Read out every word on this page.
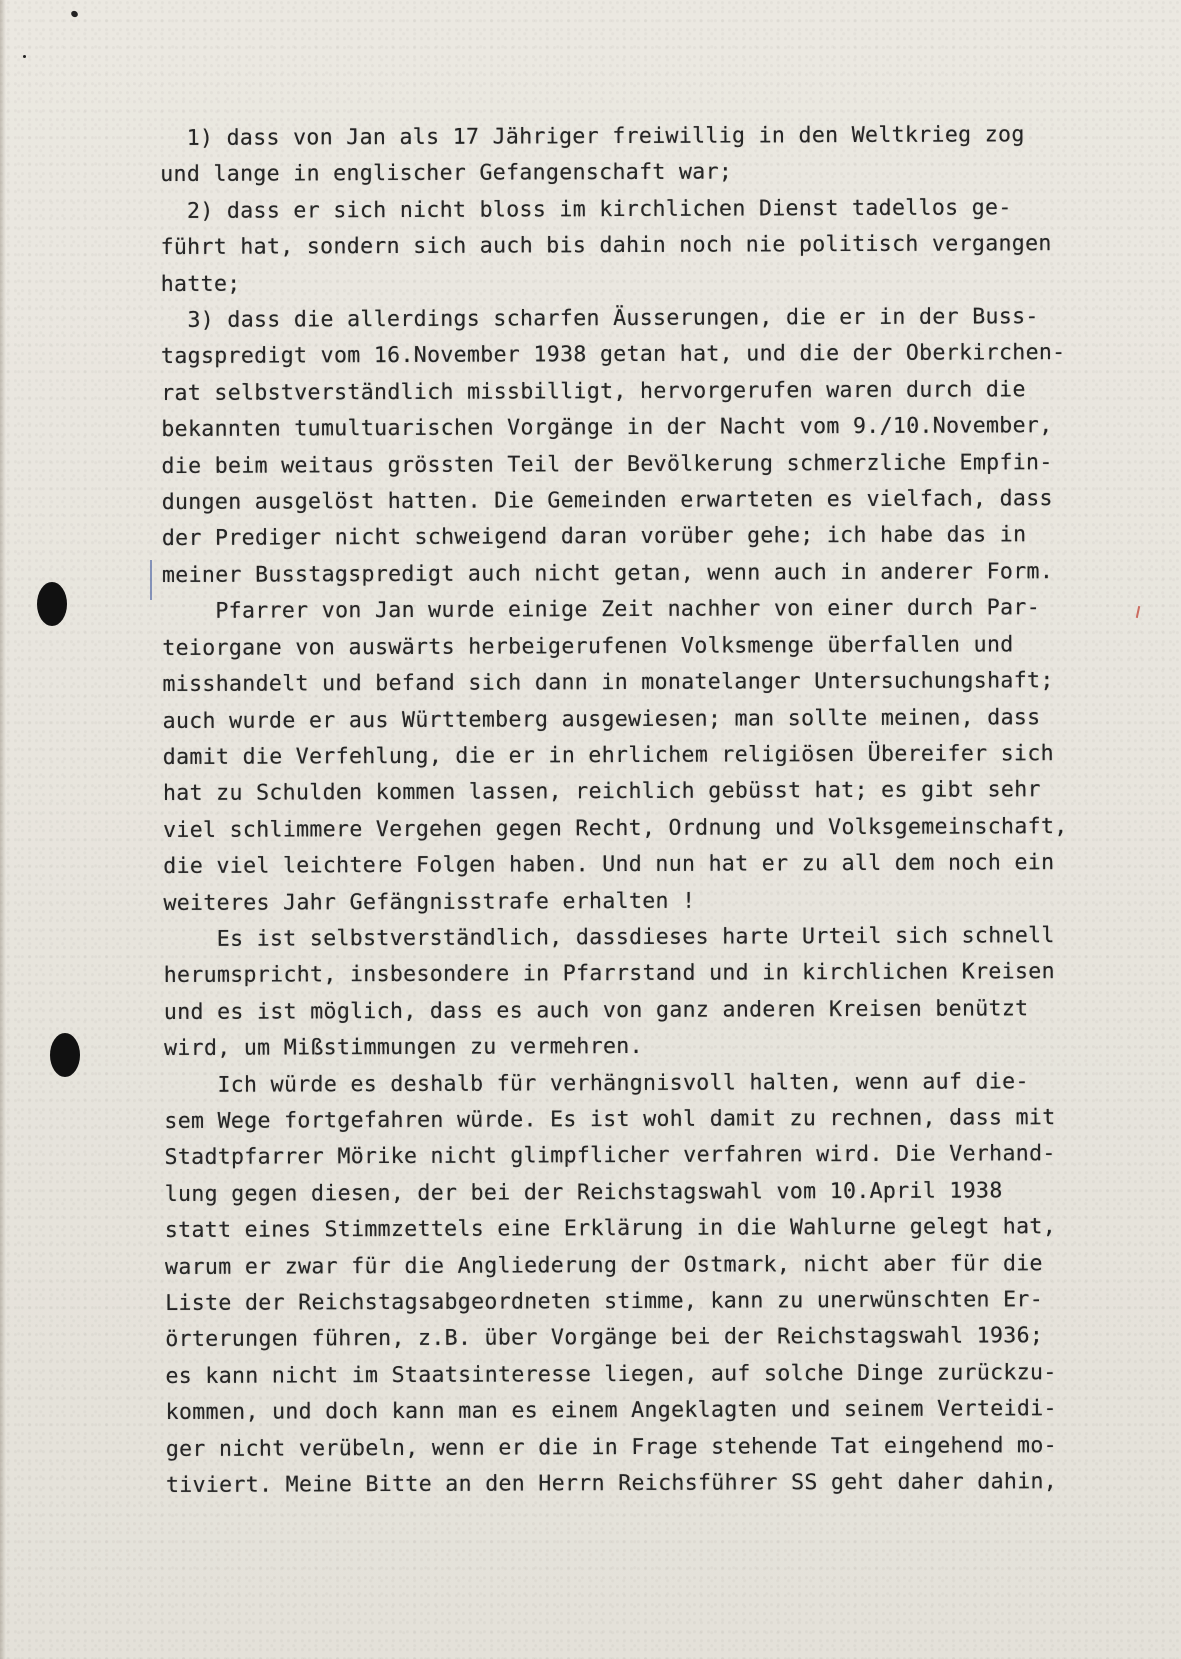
1) dass von Jan als 17 Jähriger freiwillig in den Weltkrieg zog
und lange in englischer Gefangenschaft war;
2) dass er sich nicht bloss im kirchlichen Dienst tadellos ge-
führt hat, sondern sich auch bis dahin noch nie politisch vergangen
hatte;
3) dass die allerdings scharfen Äusserungen, die er in der Buss-
tagspredigt vom 16.November 1938 getan hat, und die der Oberkirchen-
rat selbstverständlich missbilligt, hervorgerufen waren durch die
bekannten tumultuarischen Vorgänge in der Nacht vom 9./10.November,
die beim weitaus grössten Teil der Bevölkerung schmerzliche Empfin-
dungen ausgelöst hatten. Die Gemeinden erwarteten es vielfach, dass
der Prediger nicht schweigend daran vorüber gehe; ich habe das in
meiner Busstagspredigt auch nicht getan, wenn auch in anderer Form.
Pfarrer von Jan wurde einige Zeit nachher von einer durch Par-
teiorgane von auswärts herbeigerufenen Volksmenge überfallen und
misshandelt und befand sich dann in monatelanger Untersuchungshaft;
auch wurde er aus Württemberg ausgewiesen; man sollte meinen, dass
damit die Verfehlung, die er in ehrlichem religiösen Übereifer sich
hat zu Schulden kommen lassen, reichlich gebüsst hat; es gibt sehr
viel schlimmere Vergehen gegen Recht, Ordnung und Volksgemeinschaft,
die viel leichtere Folgen haben. Und nun hat er zu all dem noch ein
weiteres Jahr Gefängnisstrafe erhalten !
Es ist selbstverständlich, dassdieses harte Urteil sich schnell
herumspricht, insbesondere in Pfarrstand und in kirchlichen Kreisen
und es ist möglich, dass es auch von ganz anderen Kreisen benützt
wird, um Mißstimmungen zu vermehren.
Ich würde es deshalb für verhängnisvoll halten, wenn auf die-
sem Wege fortgefahren würde. Es ist wohl damit zu rechnen, dass mit
Stadtpfarrer Mörike nicht glimpflicher verfahren wird. Die Verhand-
lung gegen diesen, der bei der Reichstagswahl vom 10.April 1938
statt eines Stimmzettels eine Erklärung in die Wahlurne gelegt hat,
warum er zwar für die Angliederung der Ostmark, nicht aber für die
Liste der Reichstagsabgeordneten stimme, kann zu unerwünschten Er-
örterungen führen, z.B. über Vorgänge bei der Reichstagswahl 1936;
es kann nicht im Staatsinteresse liegen, auf solche Dinge zurückzu-
kommen, und doch kann man es einem Angeklagten und seinem Verteidi-
ger nicht verübeln, wenn er die in Frage stehende Tat eingehend mo-
tiviert. Meine Bitte an den Herrn Reichsführer SS geht daher dahin,
